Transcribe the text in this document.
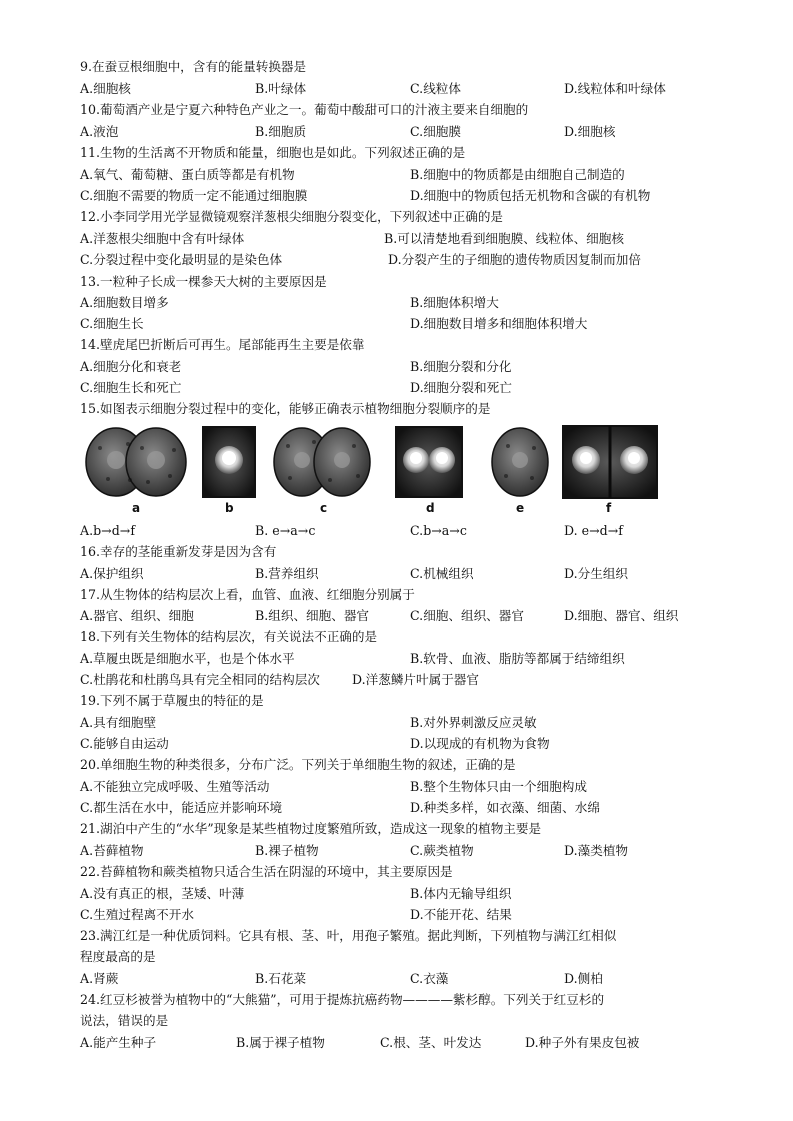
9.在蚕豆根细胞中，含有的能量转换器是
A.细胞核	B.叶绿体	C.线粒体	D.线粒体和叶绿体
10.葡萄酒产业是宁夏六种特色产业之一。葡萄中酸甜可口的汁液主要来自细胞的
A.液泡	B.细胞质	C.细胞膜	D.细胞核
11.生物的生活离不开物质和能量，细胞也是如此。下列叙述正确的是
A.氧气、葡萄糖、蛋白质等都是有机物	B.细胞中的物质都是由细胞自己制造的
C.细胞不需要的物质一定不能通过细胞膜	D.细胞中的物质包括无机物和含碳的有机物
12.小李同学用光学显微镜观察洋葱根尖细胞分裂变化，下列叙述中正确的是
A.洋葱根尖细胞中含有叶绿体	B.可以清楚地看到细胞膜、线粒体、细胞核
C.分裂过程中变化最明显的是染色体	D.分裂产生的子细胞的遗传物质因复制而加倍
13.一粒种子长成一棵参天大树的主要原因是
A.细胞数目增多	B.细胞体积增大
C.细胞生长	D.细胞数目增多和细胞体积增大
14.壁虎尾巴折断后可再生。尾部能再生主要是依靠
A.细胞分化和衰老	B.细胞分裂和分化
C.细胞生长和死亡	D.细胞分裂和死亡
15.如图表示细胞分裂过程中的变化，能够正确表示植物细胞分裂顺序的是
a	b	c	d	e	f
A.b→d→f	B. e→a→c	C.b→a→c	D. e→d→f
16.幸存的茎能重新发芽是因为含有
A.保护组织	B.营养组织	C.机械组织	D.分生组织
17.从生物体的结构层次上看，血管、血液、红细胞分别属于
A.器官、组织、细胞	B.组织、细胞、器官	C.细胞、组织、器官	D.细胞、器官、组织
18.下列有关生物体的结构层次，有关说法不正确的是
A.草履虫既是细胞水平，也是个体水平	B.软骨、血液、脂肪等都属于结缔组织
C.杜鹃花和杜鹃鸟具有完全相同的结构层次	D.洋葱鳞片叶属于器官
19.下列不属于草履虫的特征的是
A.具有细胞壁	B.对外界刺激反应灵敏
C.能够自由运动	D.以现成的有机物为食物
20.单细胞生物的种类很多，分布广泛。下列关于单细胞生物的叙述，正确的是
A.不能独立完成呼吸、生殖等活动	B.整个生物体只由一个细胞构成
C.都生活在水中，能适应并影响环境	D.种类多样，如衣藻、细菌、水绵
21.湖泊中产生的“水华”现象是某些植物过度繁殖所致，造成这一现象的植物主要是
A.苔藓植物	B.裸子植物	C.蕨类植物	D.藻类植物
22.苔藓植物和蕨类植物只适合生活在阴湿的环境中，其主要原因是
A.没有真正的根，茎矮、叶薄	B.体内无输导组织
C.生殖过程离不开水	D.不能开花、结果
23.满江红是一种优质饲料。它具有根、茎、叶，用孢子繁殖。据此判断，下列植物与满江红相似
程度最高的是
A.肾蕨	B.石花菜	C.衣藻	D.侧柏
24.红豆杉被誉为植物中的“大熊猫”，可用于提炼抗癌药物————紫杉醇。下列关于红豆杉的
说法，错误的是
A.能产生种子	B.属于裸子植物	C.根、茎、叶发达	D.种子外有果皮包被
